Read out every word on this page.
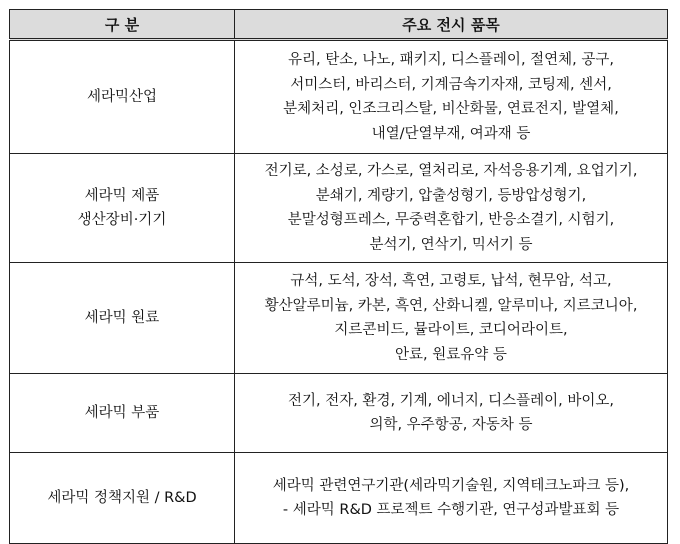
구 분	주요 전시 품목
세라믹산업	유리, 탄소, 나노, 패키지, 디스플레이, 절연체, 공구,
서미스터, 바리스터, 기계금속기자재, 코팅제, 센서,
분체처리, 인조크리스탈, 비산화물, 연료전지, 발열체,
내열/단열부재, 여과재 등

세라믹 제품
생산장비·기기	전기로, 소성로, 가스로, 열처리로, 자석응용기계, 요업기기,
분쇄기, 계량기, 압출성형기, 등방압성형기,
분말성형프레스, 무중력혼합기, 반응소결기, 시험기,
분석기, 연삭기, 믹서기 등

세라믹 원료	규석, 도석, 장석, 흑연, 고령토, 납석, 현무암, 석고,
황산알루미늄, 카본, 흑연, 산화니켈, 알루미나, 지르코니아,
지르콘비드, 뮬라이트, 코디어라이트,
안료, 원료유약 등

세라믹 부품	전기, 전자, 환경, 기계, 에너지, 디스플레이, 바이오,
의학, 우주항공, 자동차 등

세라믹 정책지원 / R&D	세라믹 관련연구기관(세라믹기술원, 지역테크노파크 등),
- 세라믹 R&D 프로젝트 수행기관, 연구성과발표회 등
